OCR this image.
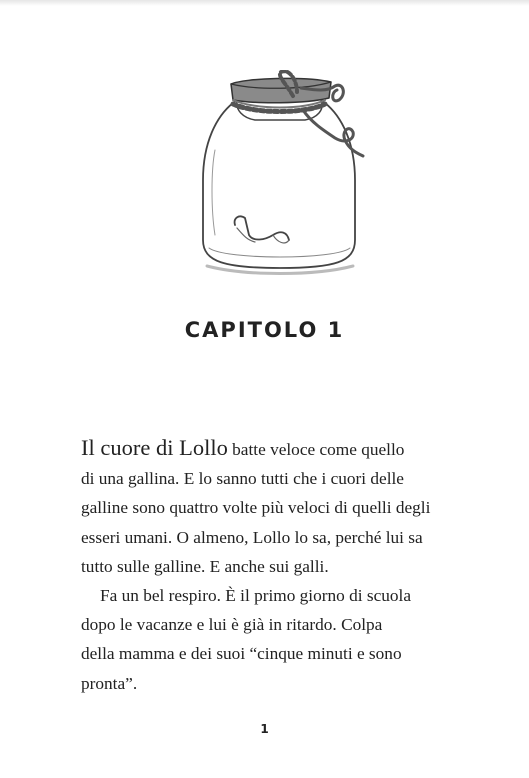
CAPITOLO 1
Il cuore di Lollo batte veloce come quello
di una gallina. E lo sanno tutti che i cuori delle
galline sono quattro volte più veloci di quelli degli
esseri umani. O almeno, Lollo lo sa, perché lui sa
tutto sulle galline. E anche sui galli.
Fa un bel respiro. È il primo giorno di scuola
dopo le vacanze e lui è già in ritardo. Colpa
della mamma e dei suoi “cinque minuti e sono
pronta”.
1
